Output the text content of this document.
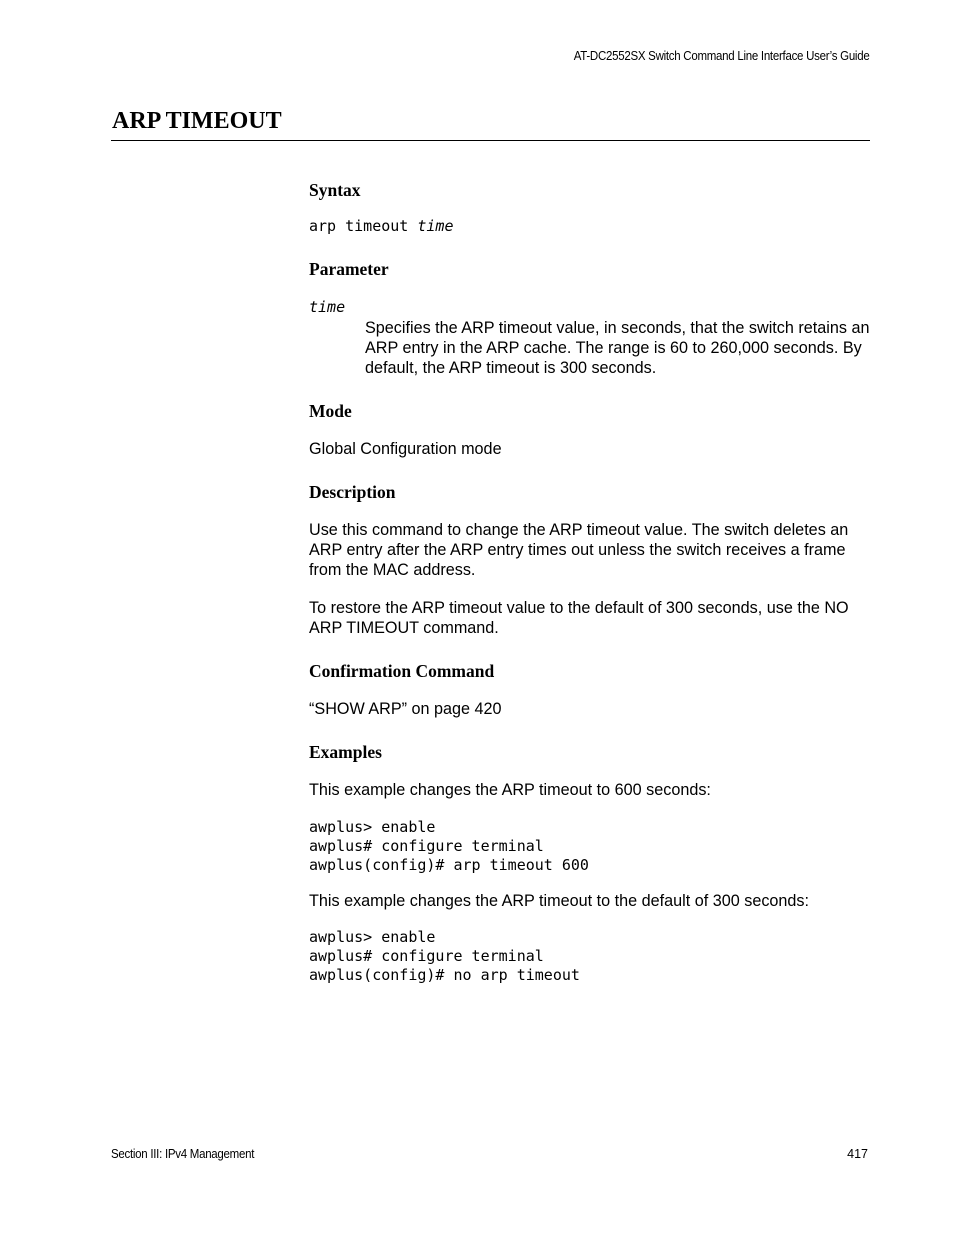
AT-DC2552SX Switch Command Line Interface User’s Guide
ARP TIMEOUT
Syntax
arp timeout time
Parameter
time

Specifies the ARP timeout value, in seconds, that the switch retains an ARP entry in the ARP cache. The range is 60 to 260,000 seconds. By default, the ARP timeout is 300 seconds.

Mode

Global Configuration mode

Description

Use this command to change the ARP timeout value. The switch deletes an ARP entry after the ARP entry times out unless the switch receives a frame from the MAC address.

To restore the ARP timeout value to the default of 300 seconds, use the NO ARP TIMEOUT command.

Confirmation Command

“SHOW ARP” on page 420

Examples

This example changes the ARP timeout to 600 seconds:

awplus> enable
awplus# configure terminal
awplus(config)# arp timeout 600

This example changes the ARP timeout to the default of 300 seconds:

awplus> enable
awplus# configure terminal
awplus(config)# no arp timeout
Section III: IPv4 Management	417
